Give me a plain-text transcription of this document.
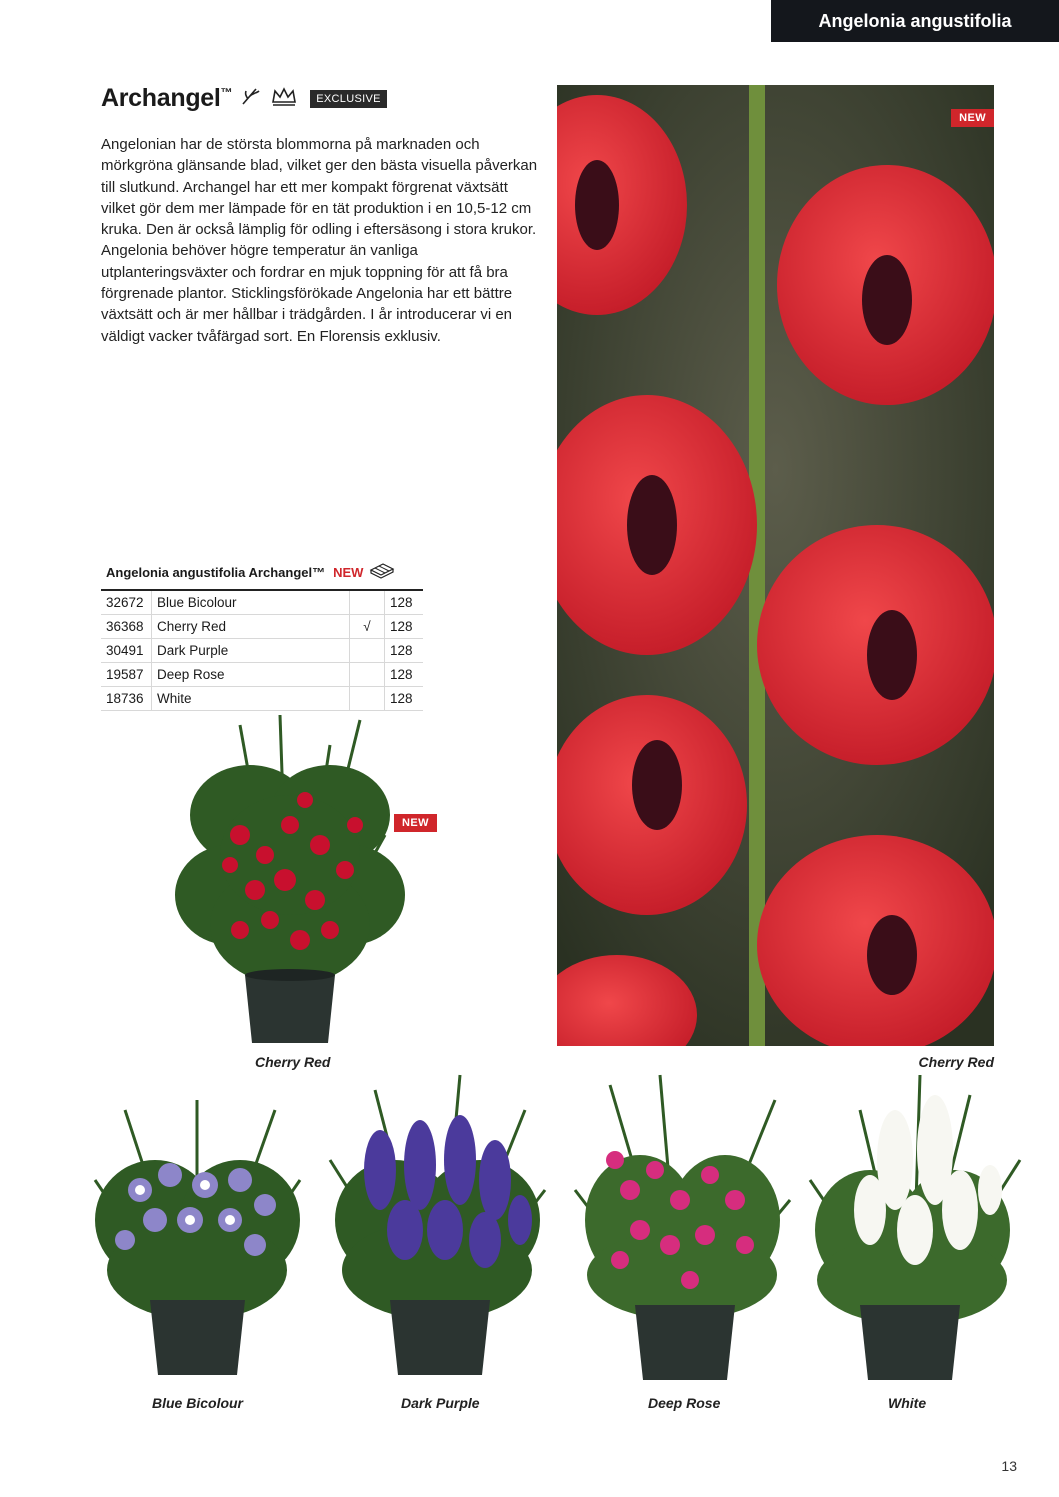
Angelonia angustifolia
Archangel™	EXCLUSIVE
Angelonian har de största blommorna på marknaden och mörkgröna glänsande blad, vilket ger den bästa visuella påverkan till slutkund. Archangel har ett mer kompakt förgrenat växtsätt vilket gör dem mer lämpade för en tät produktion i en 10,5-12 cm kruka. Den är också lämplig för odling i eftersäsong i stora krukor. Angelonia behöver högre temperatur än vanliga utplanteringsväxter och fordrar en mjuk toppning för att få bra förgrenade plantor. Sticklingsförökade Angelonia har ett bättre växtsätt och är mer hållbar i trädgården. I år introducerar vi en väldigt vacker tvåfärgad sort. En Florensis exklusiv.
NEW
Cherry Red
Angelonia angustifolia Archangel™ NEW
32672	Blue Bicolour		128
36368	Cherry Red	√	128
30491	Dark Purple		128
19587	Deep Rose		128
18736	White		128
NEW
Cherry Red
Blue Bicolour	Dark Purple	Deep Rose	White
13
